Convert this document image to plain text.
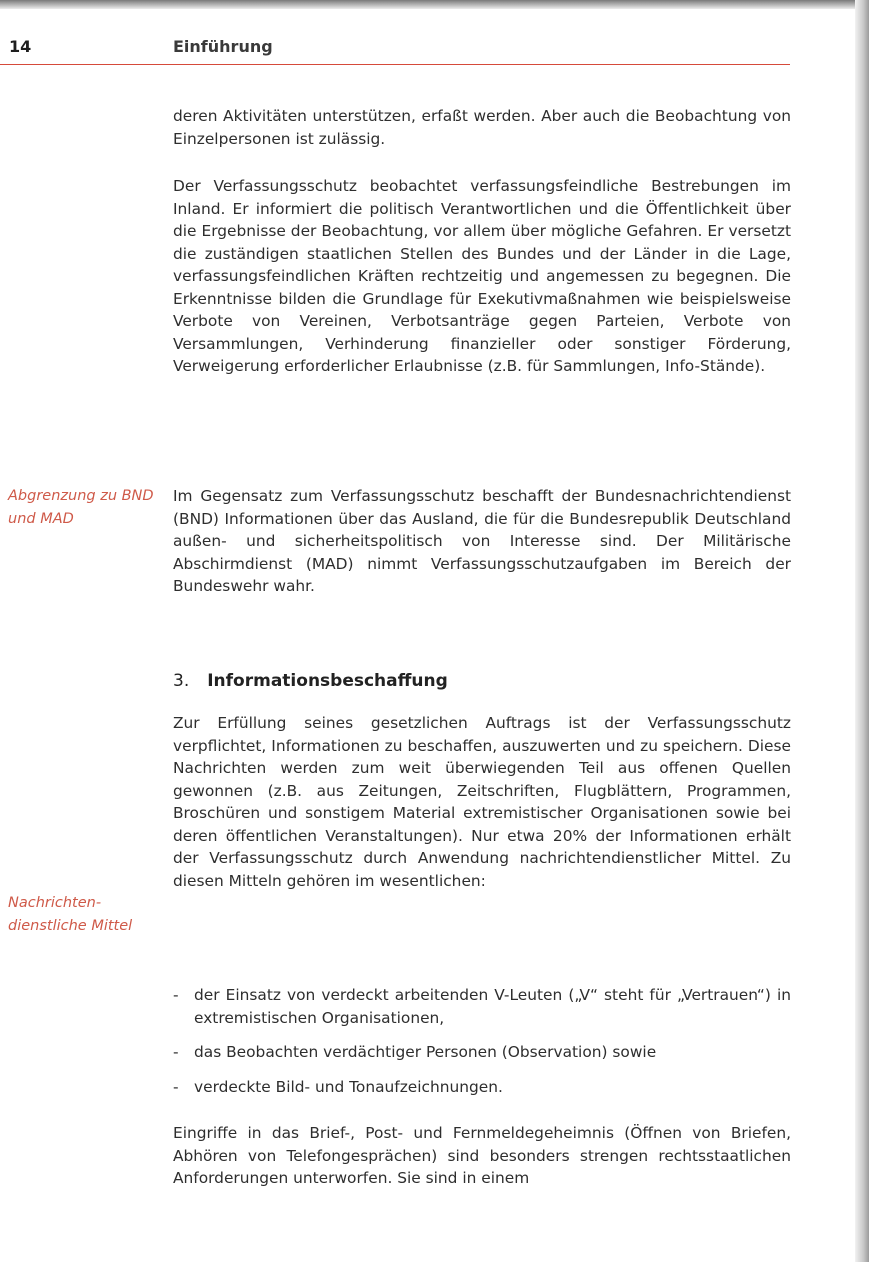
14	Einführung

deren Aktivitäten unterstützen, erfaßt werden. Aber auch die Beobachtung von Einzelpersonen ist zulässig.

Der Verfassungsschutz beobachtet verfassungsfeindliche Bestrebungen im Inland. Er informiert die politisch Verantwortlichen und die Öffentlichkeit über die Ergebnisse der Beobachtung, vor allem über mögliche Gefahren. Er versetzt die zuständigen staatlichen Stellen des Bundes und der Länder in die Lage, verfassungsfeindlichen Kräften rechtzeitig und angemessen zu begegnen. Die Erkenntnisse bilden die Grundlage für Exekutivmaßnahmen wie beispielsweise Verbote von Vereinen, Verbotsanträge gegen Parteien, Verbote von Versammlungen, Verhinderung finanzieller oder sonstiger Förderung, Verweigerung erforderlicher Erlaubnisse (z.B. für Sammlungen, Info-Stände).

Abgrenzung zu BND und MAD

Im Gegensatz zum Verfassungsschutz beschafft der Bundesnachrichtendienst (BND) Informationen über das Ausland, die für die Bundesrepublik Deutschland außen- und sicherheitspolitisch von Interesse sind. Der Militärische Abschirmdienst (MAD) nimmt Verfassungsschutzaufgaben im Bereich der Bundeswehr wahr.

3. Informationsbeschaffung

Zur Erfüllung seines gesetzlichen Auftrags ist der Verfassungsschutz verpflichtet, Informationen zu beschaffen, auszuwerten und zu speichern. Diese Nachrichten werden zum weit überwiegenden Teil aus offenen Quellen gewonnen (z.B. aus Zeitungen, Zeitschriften, Flugblättern, Programmen, Broschüren und sonstigem Material extremistischer Organisationen sowie bei deren öffentlichen Veranstaltungen). Nur etwa 20% der Informationen erhält der Verfassungsschutz durch Anwendung nachrichtendienstlicher Mittel. Zu diesen Mitteln gehören im wesentlichen:

Nachrichten-dienstliche Mittel
- der Einsatz von verdeckt arbeitenden V-Leuten („V“ steht für „Vertrauen“) in extremistischen Organisationen,
- das Beobachten verdächtiger Personen (Observation) sowie
- verdeckte Bild- und Tonaufzeichnungen.

Eingriffe in das Brief-, Post- und Fernmeldegeheimnis (Öffnen von Briefen, Abhören von Telefongesprächen) sind besonders strengen rechtsstaatlichen Anforderungen unterworfen. Sie sind in einem
